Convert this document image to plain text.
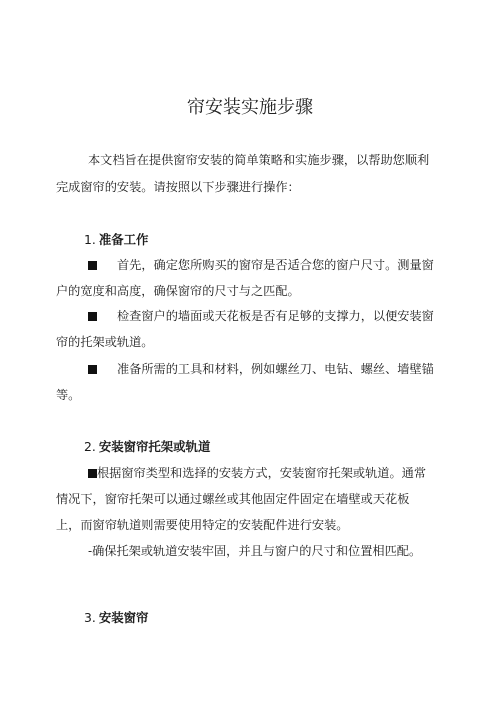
帘安装实施步骤
本文档旨在提供窗帘安装的简单策略和实施步骤，以帮助您顺利
完成窗帘的安装。请按照以下步骤进行操作：
1. 准备工作
首先，确定您所购买的窗帘是否适合您的窗户尺寸。测量窗
户的宽度和高度，确保窗帘的尺寸与之匹配。
检查窗户的墙面或天花板是否有足够的支撑力，以便安装窗
帘的托架或轨道。
准备所需的工具和材料，例如螺丝刀、电钻、螺丝、墙壁锚
等。
2. 安装窗帘托架或轨道
根据窗帘类型和选择的安装方式，安装窗帘托架或轨道。通常
情况下，窗帘托架可以通过螺丝或其他固定件固定在墙壁或天花板
上，而窗帘轨道则需要使用特定的安装配件进行安装。
-确保托架或轨道安装牢固，并且与窗户的尺寸和位置相匹配。
3. 安装窗帘
